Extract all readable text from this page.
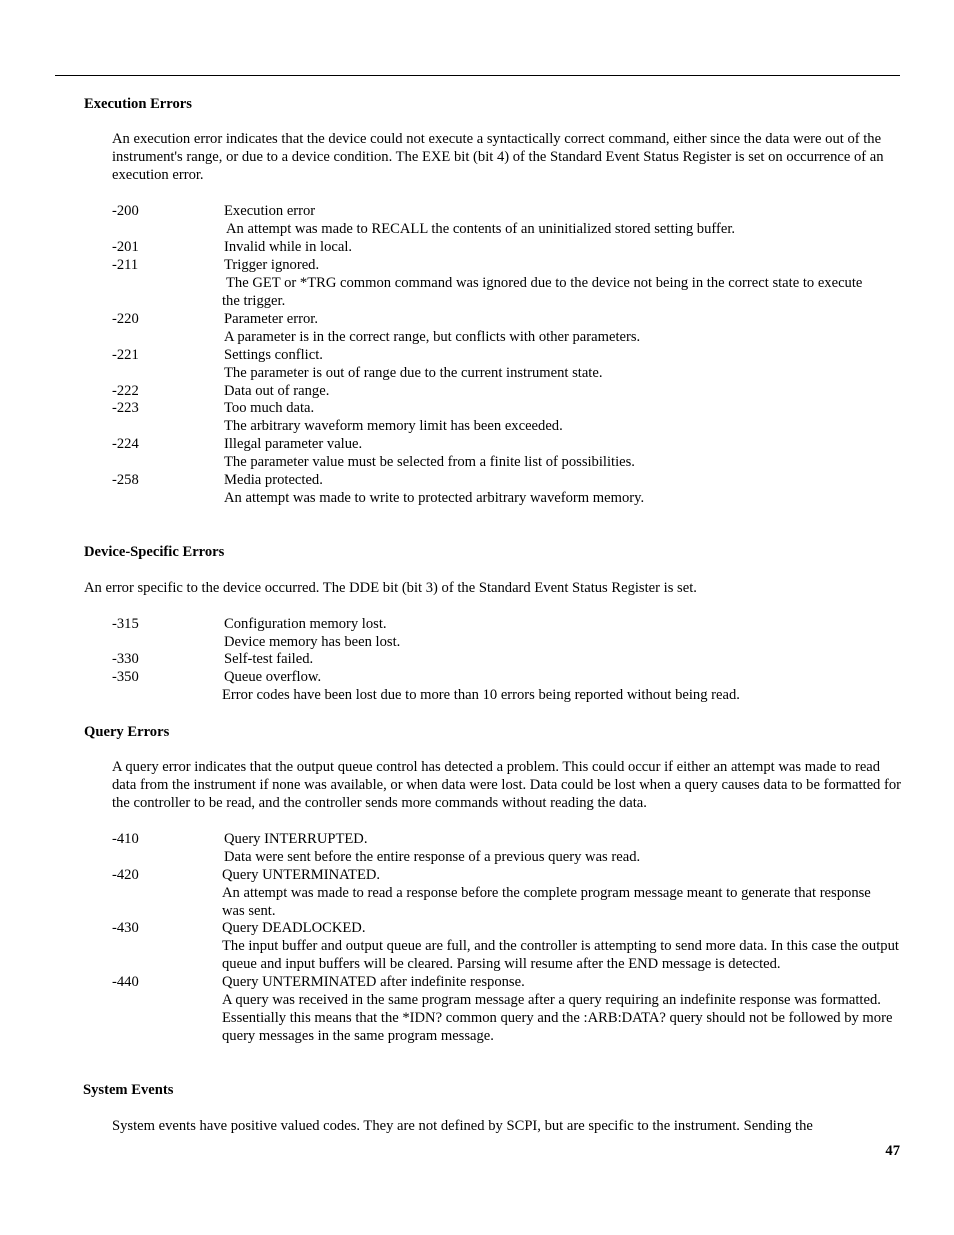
Execution Errors
An execution error indicates that the device could not execute a syntactically correct command, either since the data were out of the instrument's range, or due to a device condition. The EXE bit (bit 4) of the Standard Event Status Register is set on occurrence of an execution error.
-200	Execution error
An attempt was made to RECALL the contents of an uninitialized stored setting buffer.
-201	Invalid while in local.
-211	Trigger ignored.
The GET or *TRG common command was ignored due to the device not being in the correct state to execute the trigger.
-220	Parameter error.
A parameter is in the correct range, but conflicts with other parameters.
-221	Settings conflict.
The parameter is out of range due to the current instrument state.
-222	Data out of range.
-223	Too much data.
The arbitrary waveform memory limit has been exceeded.
-224	Illegal parameter value.
The parameter value must be selected from a finite list of possibilities.
-258	Media protected.
An attempt was made to write to protected arbitrary waveform memory.
Device-Specific Errors
An error specific to the device occurred. The DDE bit (bit 3) of the Standard Event Status Register is set.
-315	Configuration memory lost.
Device memory has been lost.
-330	Self-test failed.
-350	Queue overflow.
Error codes have been lost due to more than 10 errors being reported without being read.
Query Errors
A query error indicates that the output queue control has detected a problem. This could occur if either an attempt was made to read data from the instrument if none was available, or when data were lost. Data could be lost when a query causes data to be formatted for the controller to be read, and the controller sends more commands without reading the data.
-410	Query INTERRUPTED.
Data were sent before the entire response of a previous query was read.
-420	Query UNTERMINATED.
An attempt was made to read a response before the complete program message meant to generate that response was sent.
-430	Query DEADLOCKED.
The input buffer and output queue are full, and the controller is attempting to send more data. In this case the output queue and input buffers will be cleared. Parsing will resume after the END message is detected.
-440	Query UNTERMINATED after indefinite response.
A query was received in the same program message after a query requiring an indefinite response was formatted. Essentially this means that the *IDN? common query and the :ARB:DATA? query should not be followed by more query messages in the same program message.
System Events
System events have positive valued codes. They are not defined by SCPI, but are specific to the instrument. Sending the
47
